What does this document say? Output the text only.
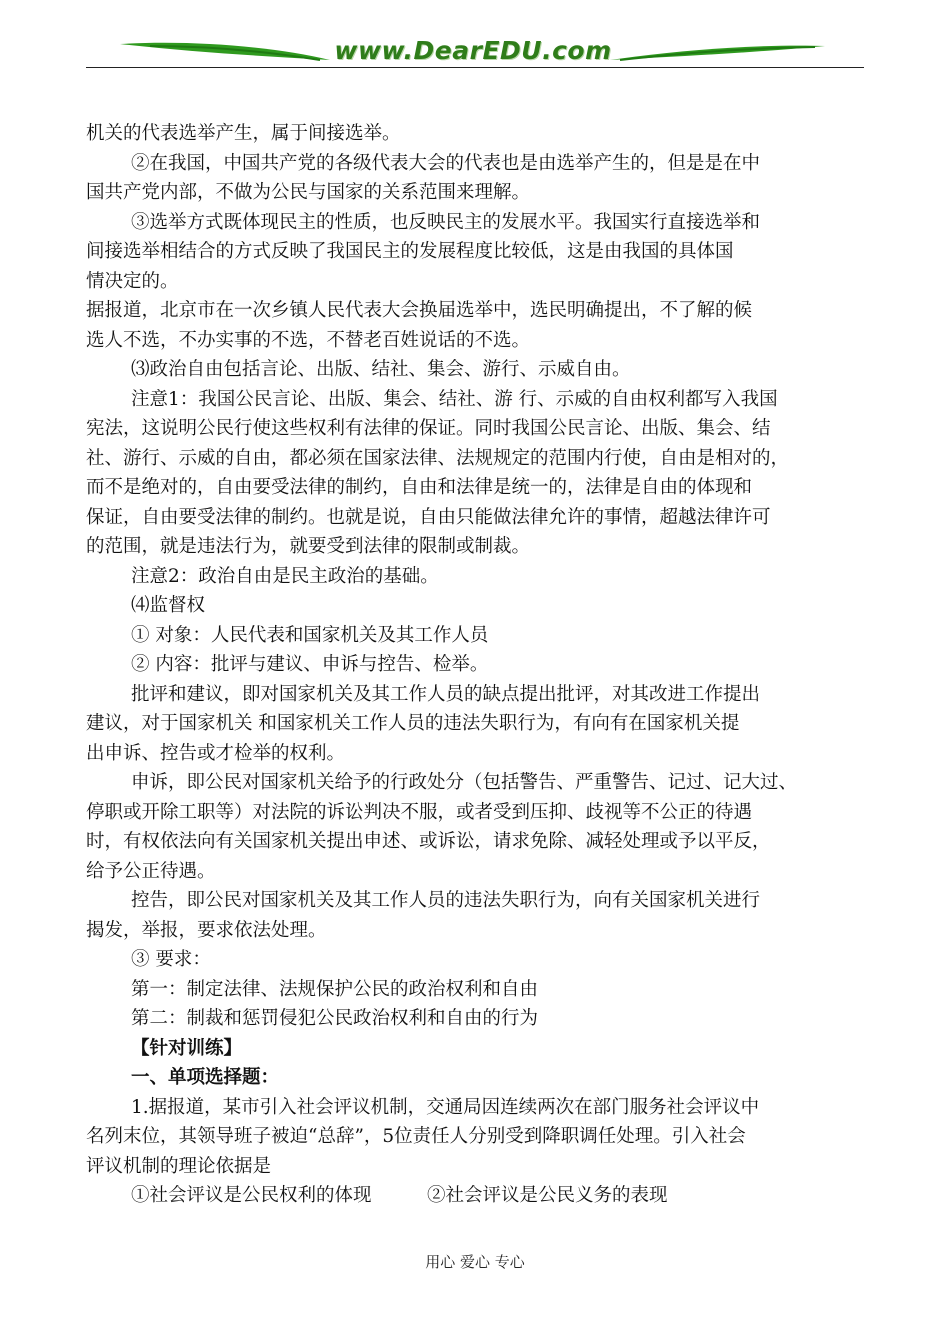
www.DearEDU.com
机关的代表选举产生，属于间接选举。
②在我国，中国共产党的各级代表大会的代表也是由选举产生的，但是是在中
国共产党内部，不做为公民与国家的关系范围来理解。
③选举方式既体现民主的性质，也反映民主的发展水平。我国实行直接选举和
间接选举相结合的方式反映了我国民主的发展程度比较低，这是由我国的具体国
情决定的。
据报道，北京市在一次乡镇人民代表大会换届选举中，选民明确提出，不了解的候
选人不选，不办实事的不选，不替老百姓说话的不选。
⑶政治自由包括言论、出版、结社、集会、游行、示威自由。
注意1：我国公民言论、出版、集会、结社、游 行、示威的自由权利都写入我国
宪法，这说明公民行使这些权利有法律的保证。同时我国公民言论、出版、集会、结
社、游行、示威的自由，都必须在国家法律、法规规定的范围内行使，自由是相对的，
而不是绝对的，自由要受法律的制约，自由和法律是统一的，法律是自由的体现和
保证，自由要受法律的制约。也就是说，自由只能做法律允许的事情，超越法律许可
的范围，就是违法行为，就要受到法律的限制或制裁。
注意2：政治自由是民主政治的基础。
⑷监督权
① 对象：人民代表和国家机关及其工作人员
② 内容：批评与建议、申诉与控告、检举。
批评和建议，即对国家机关及其工作人员的缺点提出批评，对其改进工作提出
建议，对于国家机关 和国家机关工作人员的违法失职行为，有向有在国家机关提
出申诉、控告或才检举的权利。
申诉，即公民对国家机关给予的行政处分（包括警告、严重警告、记过、记大过、
停职或开除工职等）对法院的诉讼判决不服，或者受到压抑、歧视等不公正的待遇
时，有权依法向有关国家机关提出申述、或诉讼，请求免除、减轻处理或予以平反，
给予公正待遇。
控告，即公民对国家机关及其工作人员的违法失职行为，向有关国家机关进行
揭发，举报，要求依法处理。
③ 要求：
第一：制定法律、法规保护公民的政治权利和自由
第二：制裁和惩罚侵犯公民政治权利和自由的行为
【针对训练】
一、单项选择题：
1.据报道，某市引入社会评议机制，交通局因连续两次在部门服务社会评议中
名列末位，其领导班子被迫“总辞”，5位责任人分别受到降职调任处理。引入社会
评议机制的理论依据是
①社会评议是公民权利的体现　　　②社会评议是公民义务的表现
用心 爱心 专心
